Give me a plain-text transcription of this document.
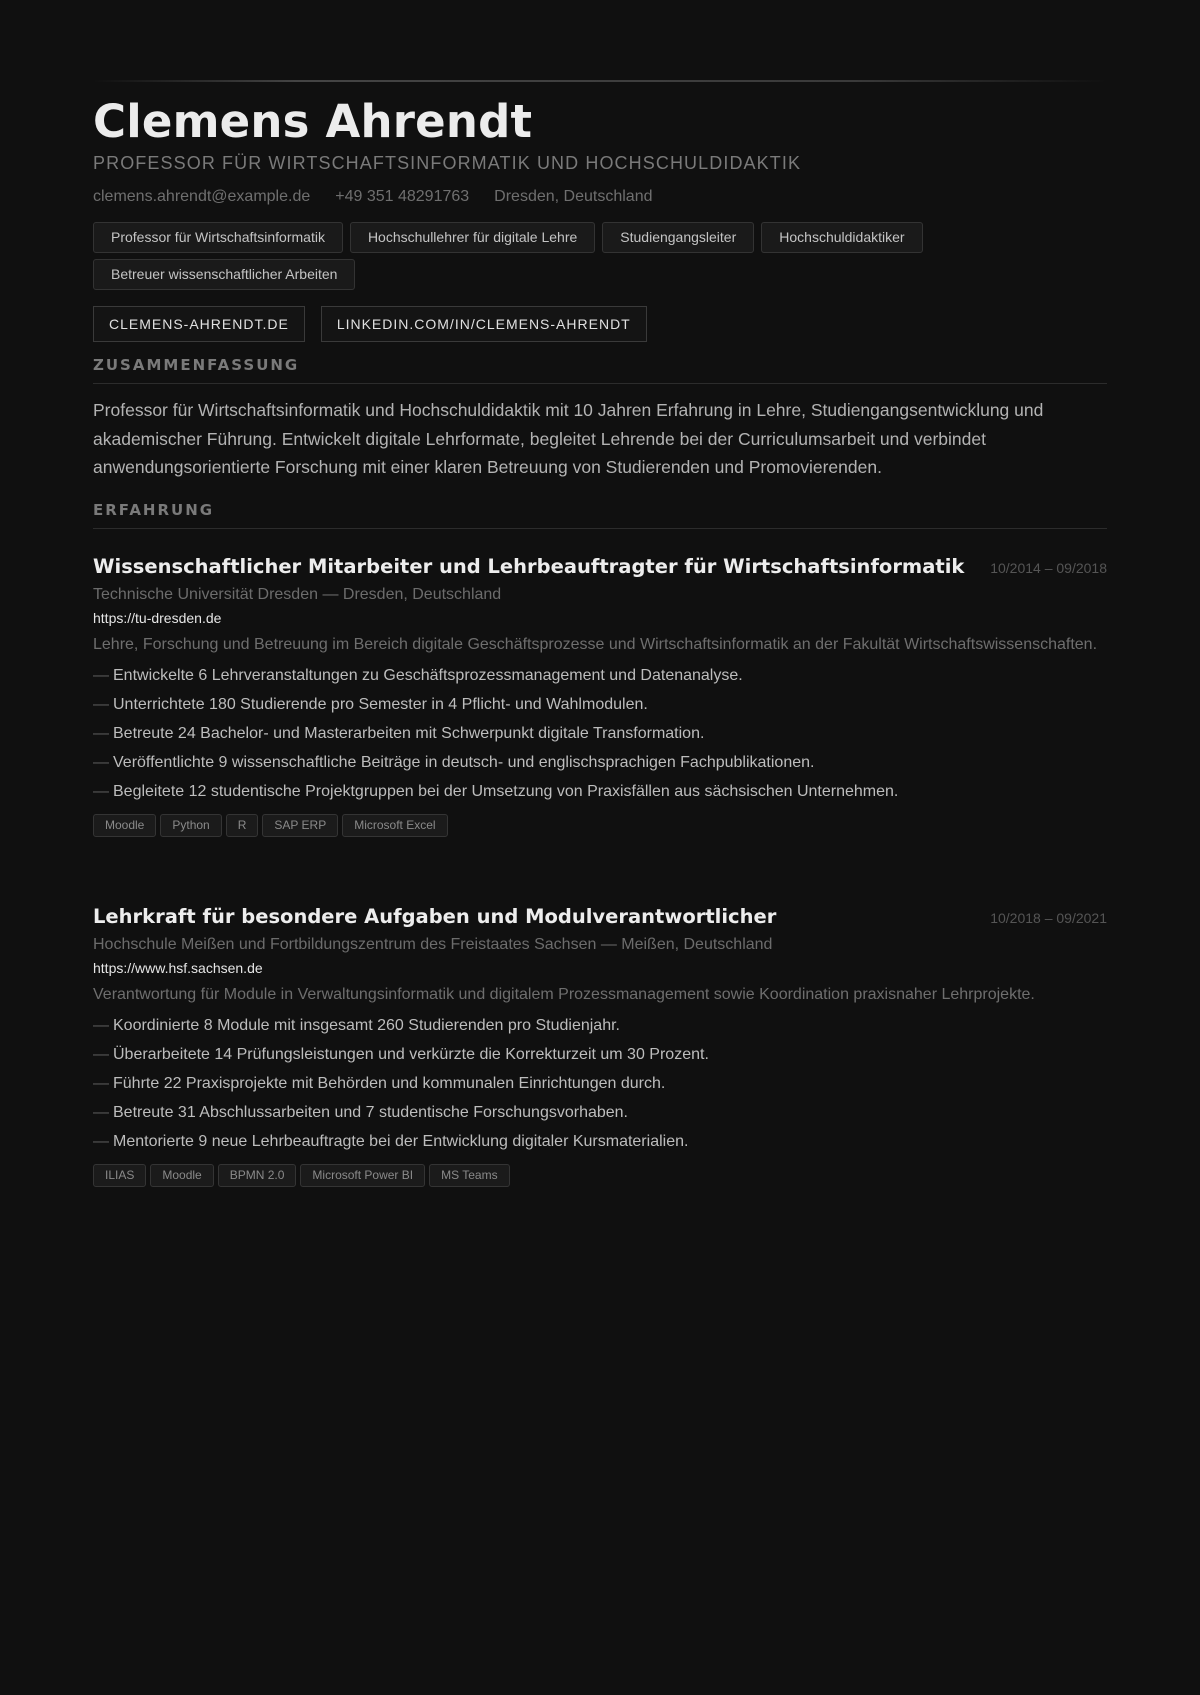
Clemens Ahrendt
PROFESSOR FÜR WIRTSCHAFTSINFORMATIK UND HOCHSCHULDIDAKTIK
clemens.ahrendt@example.de +49 351 48291763 Dresden, Deutschland
Professor für Wirtschaftsinformatik	Hochschullehrer für digitale Lehre	Studiengangsleiter	Hochschuldidaktiker
Betreuer wissenschaftlicher Arbeiten
CLEMENS-AHRENDT.DE	LINKEDIN.COM/IN/CLEMENS-AHRENDT
ZUSAMMENFASSUNG

Professor für Wirtschaftsinformatik und Hochschuldidaktik mit 10 Jahren Erfahrung in Lehre, Studiengangsentwicklung und akademischer Führung. Entwickelt digitale Lehrformate, begleitet Lehrende bei der Curriculumsarbeit und verbindet anwendungsorientierte Forschung mit einer klaren Betreuung von Studierenden und Promovierenden.

ERFAHRUNG
Wissenschaftlicher Mitarbeiter und Lehrbeauftragter für Wirtschaftsinformatik 10/2014 – 09/2018
Technische Universität Dresden — Dresden, Deutschland
https://tu-dresden.de
Lehre, Forschung und Betreuung im Bereich digitale Geschäftsprozesse und Wirtschaftsinformatik an der Fakultät Wirtschaftswissenschaften.
— Entwickelte 6 Lehrveranstaltungen zu Geschäftsprozessmanagement und Datenanalyse.
— Unterrichtete 180 Studierende pro Semester in 4 Pflicht- und Wahlmodulen.
— Betreute 24 Bachelor- und Masterarbeiten mit Schwerpunkt digitale Transformation.
— Veröffentlichte 9 wissenschaftliche Beiträge in deutsch- und englischsprachigen Fachpublikationen.
— Begleitete 12 studentische Projektgruppen bei der Umsetzung von Praxisfällen aus sächsischen Unternehmen.
Moodle	Python	R	SAP ERP	Microsoft Excel
Lehrkraft für besondere Aufgaben und Modulverantwortlicher	10/2018 – 09/2021
Hochschule Meißen und Fortbildungszentrum des Freistaates Sachsen — Meißen, Deutschland
https://www.hsf.sachsen.de
Verantwortung für Module in Verwaltungsinformatik und digitalem Prozessmanagement sowie Koordination praxisnaher Lehrprojekte.
— Koordinierte 8 Module mit insgesamt 260 Studierenden pro Studienjahr.
— Überarbeitete 14 Prüfungsleistungen und verkürzte die Korrekturzeit um 30 Prozent.
— Führte 22 Praxisprojekte mit Behörden und kommunalen Einrichtungen durch.
— Betreute 31 Abschlussarbeiten und 7 studentische Forschungsvorhaben.
— Mentorierte 9 neue Lehrbeauftragte bei der Entwicklung digitaler Kursmaterialien.
ILIAS	Moodle	BPMN 2.0	Microsoft Power BI	MS Teams
